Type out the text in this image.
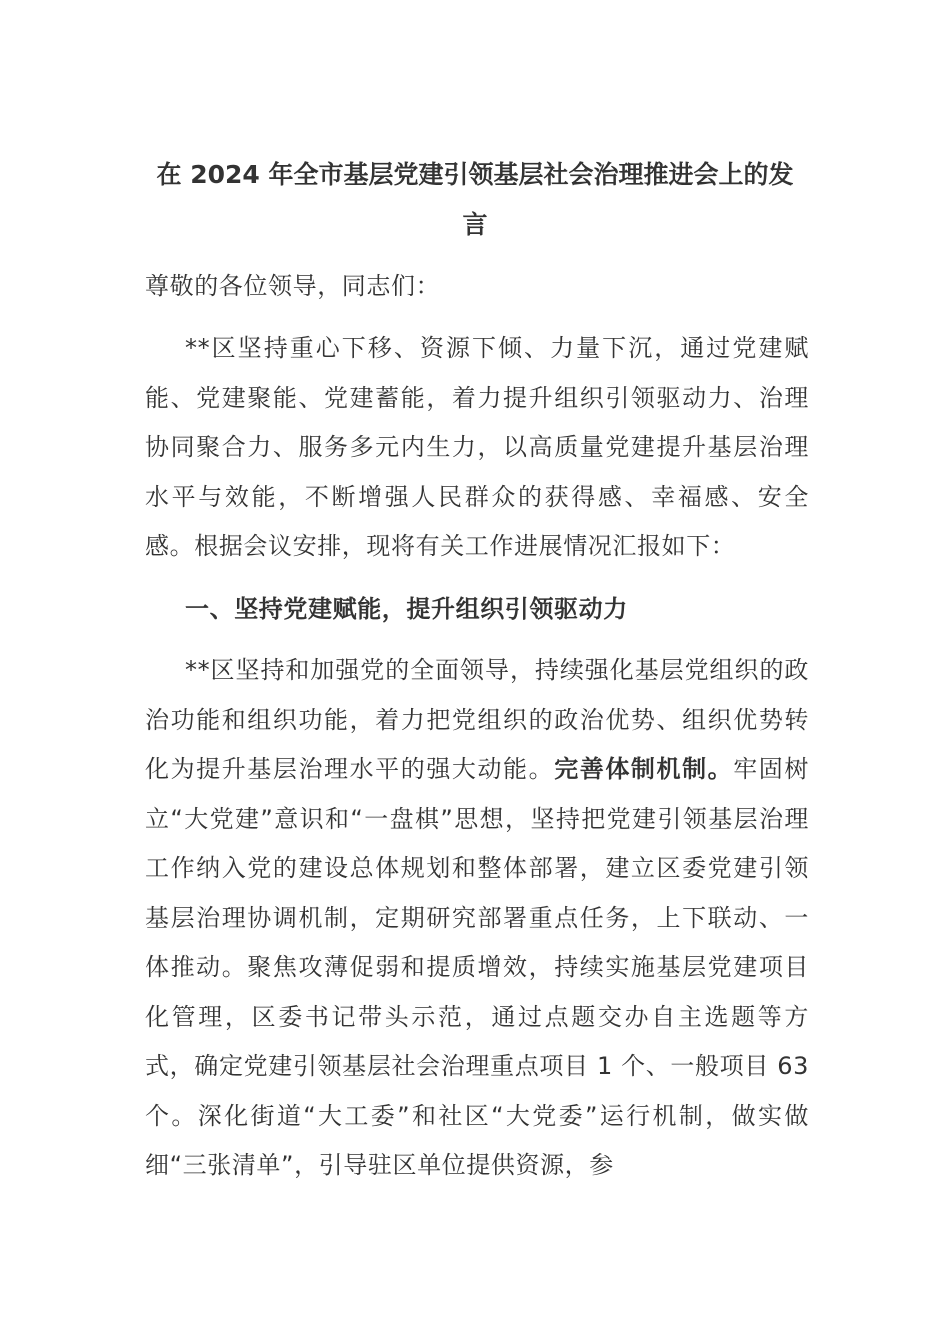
在 2024 年全市基层党建引领基层社会治理推进会上的发言

尊敬的各位领导，同志们：

**区坚持重心下移、资源下倾、力量下沉，通过党建赋能、党建聚能、党建蓄能，着力提升组织引领驱动力、治理协同聚合力、服务多元内生力，以高质量党建提升基层治理水平与效能，不断增强人民群众的获得感、幸福感、安全感。根据会议安排，现将有关工作进展情况汇报如下：

一、坚持党建赋能，提升组织引领驱动力

**区坚持和加强党的全面领导，持续强化基层党组织的政治功能和组织功能，着力把党组织的政治优势、组织优势转化为提升基层治理水平的强大动能。完善体制机制。牢固树立“大党建”意识和“一盘棋”思想，坚持把党建引领基层治理工作纳入党的建设总体规划和整体部署，建立区委党建引领基层治理协调机制，定期研究部署重点任务，上下联动、一体推动。聚焦攻薄促弱和提质增效，持续实施基层党建项目化管理，区委书记带头示范，通过点题交办自主选题等方式，确定党建引领基层社会治理重点项目 1 个、一般项目 63 个。深化街道“大工委”和社区“大党委”运行机制，做实做细“三张清单”，引导驻区单位提供资源，参
